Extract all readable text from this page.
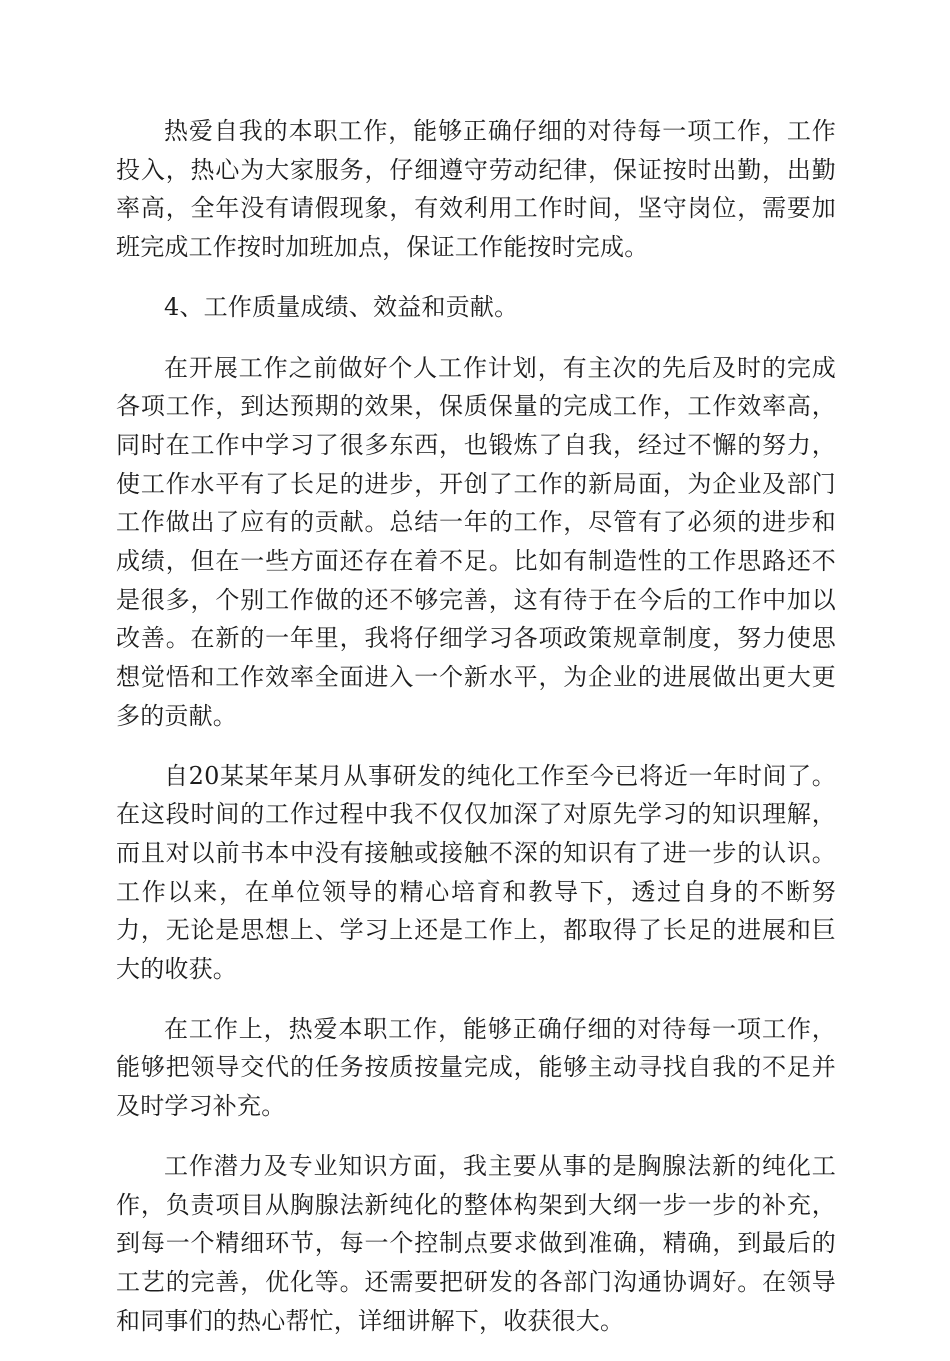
热爱自我的本职工作，能够正确仔细的对待每一项工作，工作投入，热心为大家服务，仔细遵守劳动纪律，保证按时出勤，出勤率高，全年没有请假现象，有效利用工作时间，坚守岗位，需要加班完成工作按时加班加点，保证工作能按时完成。

4、工作质量成绩、效益和贡献。

在开展工作之前做好个人工作计划，有主次的先后及时的完成各项工作，到达预期的效果，保质保量的完成工作，工作效率高，同时在工作中学习了很多东西，也锻炼了自我，经过不懈的努力，使工作水平有了长足的进步，开创了工作的新局面，为企业及部门工作做出了应有的贡献。总结一年的工作，尽管有了必须的进步和成绩，但在一些方面还存在着不足。比如有制造性的工作思路还不是很多，个别工作做的还不够完善，这有待于在今后的工作中加以改善。在新的一年里，我将仔细学习各项政策规章制度，努力使思想觉悟和工作效率全面进入一个新水平，为企业的进展做出更大更多的贡献。

自20某某年某月从事研发的纯化工作至今已将近一年时间了。在这段时间的工作过程中我不仅仅加深了对原先学习的知识理解，而且对以前书本中没有接触或接触不深的知识有了进一步的认识。工作以来，在单位领导的精心培育和教导下，透过自身的不断努力，无论是思想上、学习上还是工作上，都取得了长足的进展和巨大的收获。

在工作上，热爱本职工作，能够正确仔细的对待每一项工作，能够把领导交代的任务按质按量完成，能够主动寻找自我的不足并及时学习补充。

工作潜力及专业知识方面，我主要从事的是胸腺法新的纯化工作，负责项目从胸腺法新纯化的整体构架到大纲一步一步的补充，到每一个精细环节，每一个控制点要求做到准确，精确，到最后的工艺的完善，优化等。还需要把研发的各部门沟通协调好。在领导和同事们的热心帮忙，详细讲解下，收获很大。
